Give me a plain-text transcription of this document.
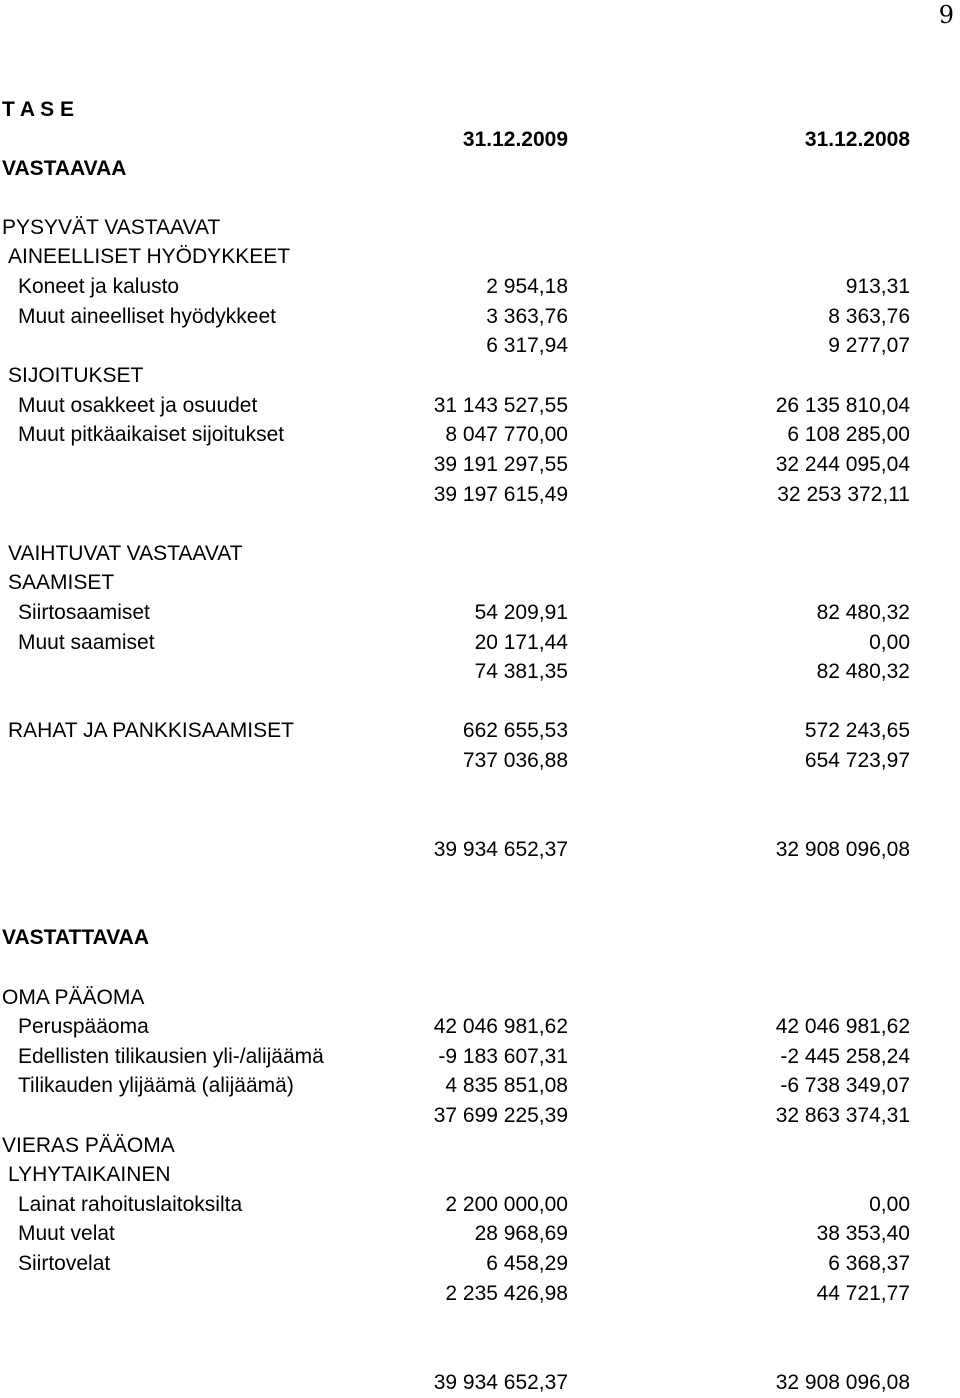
9
T A S E
31.12.2009	31.12.2008
VASTAAVAA
PYSYVÄT VASTAAVAT
AINEELLISET HYÖDYKKEET
Koneet ja kalusto	2 954,18	913,31
Muut aineelliset hyödykkeet	3 363,76	8 363,76
6 317,94	9 277,07
SIJOITUKSET
Muut osakkeet ja osuudet	31 143 527,55	26 135 810,04
Muut pitkäaikaiset sijoitukset	8 047 770,00	6 108 285,00
39 191 297,55	32 244 095,04
39 197 615,49	32 253 372,11
VAIHTUVAT VASTAAVAT
SAAMISET
Siirtosaamiset	54 209,91	82 480,32
Muut saamiset	20 171,44	0,00
74 381,35	82 480,32
RAHAT JA PANKKISAAMISET	662 655,53	572 243,65
737 036,88	654 723,97
39 934 652,37	32 908 096,08
VASTATTAVAA
OMA PÄÄOMA
Peruspääoma	42 046 981,62	42 046 981,62
Edellisten tilikausien yli-/alijäämä	-9 183 607,31	-2 445 258,24
Tilikauden ylijäämä (alijäämä)	4 835 851,08	-6 738 349,07
37 699 225,39	32 863 374,31
VIERAS PÄÄOMA
LYHYTAIKAINEN
Lainat rahoituslaitoksilta	2 200 000,00	0,00
Muut velat	28 968,69	38 353,40
Siirtovelat	6 458,29	6 368,37
2 235 426,98	44 721,77
39 934 652,37	32 908 096,08
